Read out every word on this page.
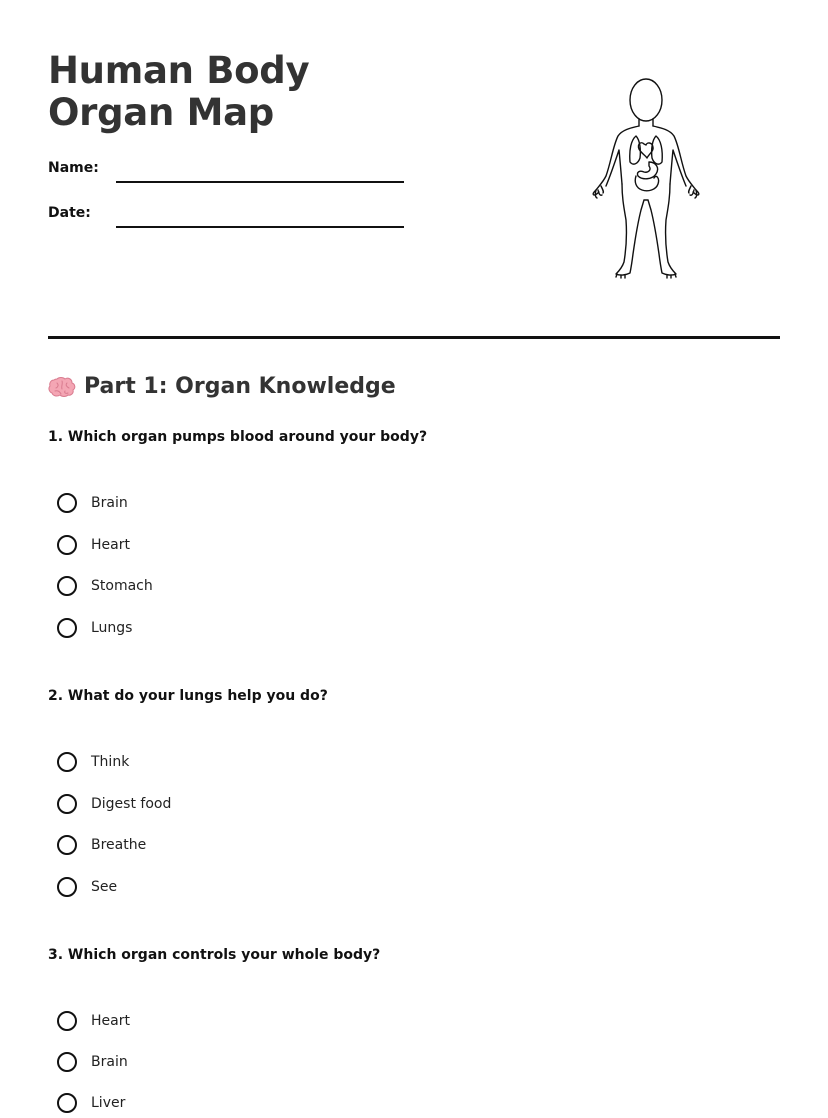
Human Body Organ Map
Name:
Date:
Part 1: Organ Knowledge

1. Which organ pumps blood around your body?

Brain
Heart
Stomach
Lungs

2. What do your lungs help you do?

Think
Digest food
Breathe
See

3. Which organ controls your whole body?

Heart
Brain
Liver
